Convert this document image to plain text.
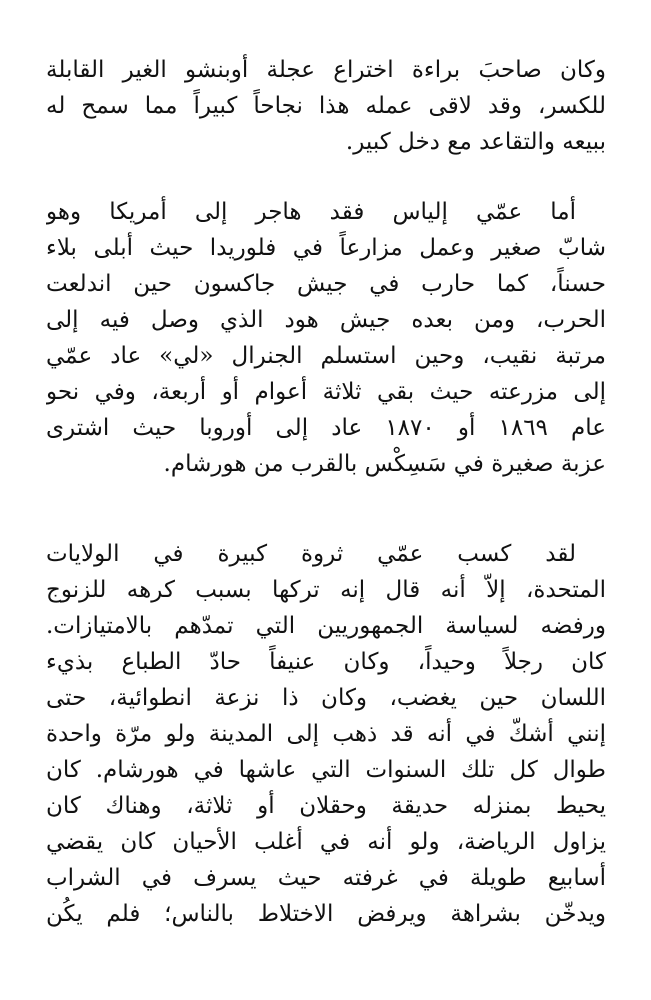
وكان صاحبَ براءة اختراع عجلة أوبنشو الغير القابلة
للكسر، وقد لاقى عمله هذا نجاحاً كبيراً مما سمح له
ببيعه والتقاعد مع دخل كبير.
أما عمّي إلياس فقد هاجر إلى أمريكا وهو
شابّ صغير وعمل مزارعاً في فلوريدا حيث أبلى بلاء
حسناً، كما حارب في جيش جاكسون حين اندلعت
الحرب، ومن بعده جيش هود الذي وصل فيه إلى
مرتبة نقيب، وحين استسلم الجنرال «لي» عاد عمّي
إلى مزرعته حيث بقي ثلاثة أعوام أو أربعة، وفي نحو
عام ١٨٦٩ أو ١٨٧٠ عاد إلى أوروبا حيث اشترى
عزبة صغيرة في سَسِكْس بالقرب من هورشام.
لقد كسب عمّي ثروة كبيرة في الولايات
المتحدة، إلاّ أنه قال إنه تركها بسبب كرهه للزنوج
ورفضه لسياسة الجمهوريين التي تمدّهم بالامتيازات.
كان رجلاً وحيداً، وكان عنيفاً حادّ الطباع بذيء
اللسان حين يغضب، وكان ذا نزعة انطوائية، حتى
إنني أشكّ في أنه قد ذهب إلى المدينة ولو مرّة واحدة
طوال كل تلك السنوات التي عاشها في هورشام. كان
يحيط بمنزله حديقة وحقلان أو ثلاثة، وهناك كان
يزاول الرياضة، ولو أنه في أغلب الأحيان كان يقضي
أسابيع طويلة في غرفته حيث يسرف في الشراب
ويدخّن بشراهة ويرفض الاختلاط بالناس؛ فلم يكُن
